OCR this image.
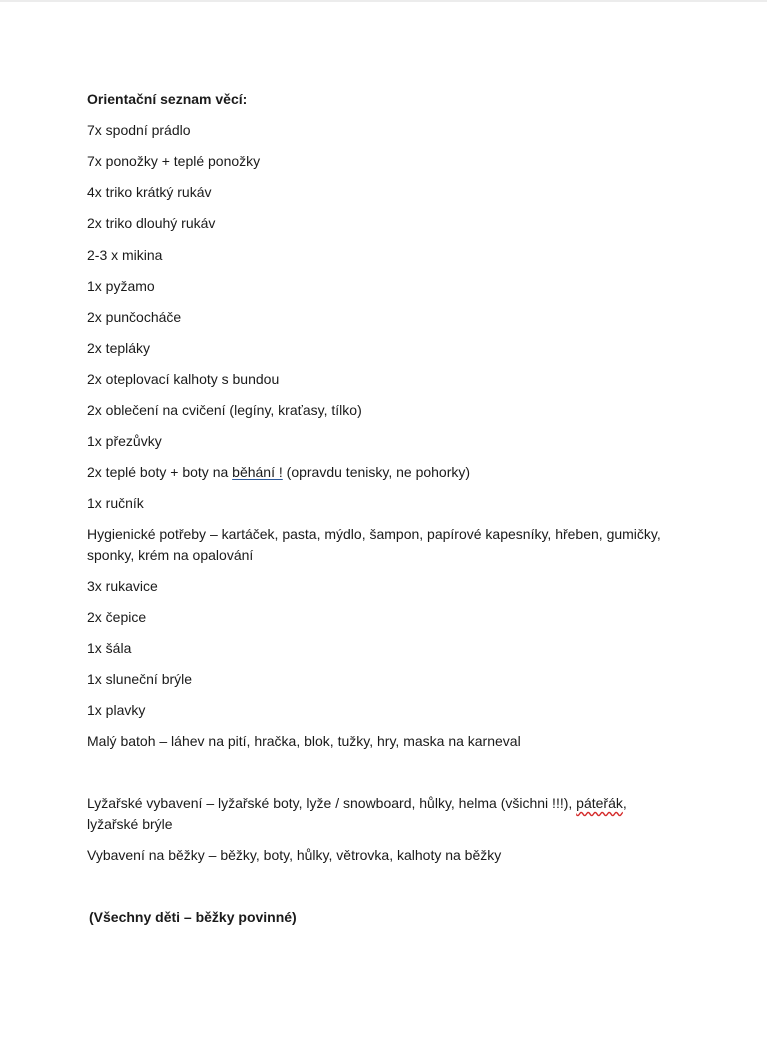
Orientační seznam věcí:

7x spodní prádlo

7x ponožky + teplé ponožky

4x triko krátký rukáv

2x triko dlouhý rukáv

2-3 x mikina

1x pyžamo

2x punčocháče

2x tepláky

2x oteplovací kalhoty s bundou

2x oblečení na cvičení (legíny, kraťasy, tílko)

1x přezůvky

2x teplé boty + boty na běhání ! (opravdu tenisky, ne pohorky)

1x ručník

Hygienické potřeby – kartáček, pasta, mýdlo, šampon, papírové kapesníky, hřeben, gumičky,

sponky, krém na opalování

3x rukavice

2x čepice

1x šála

1x sluneční brýle

1x plavky

Malý batoh – láhev na pití, hračka, blok, tužky, hry, maska na karneval

Lyžařské vybavení – lyžařské boty, lyže / snowboard, hůlky, helma (všichni !!!), páteřák,

lyžařské brýle

Vybavení na běžky – běžky, boty, hůlky, větrovka, kalhoty na běžky

(Všechny děti – běžky povinné)
